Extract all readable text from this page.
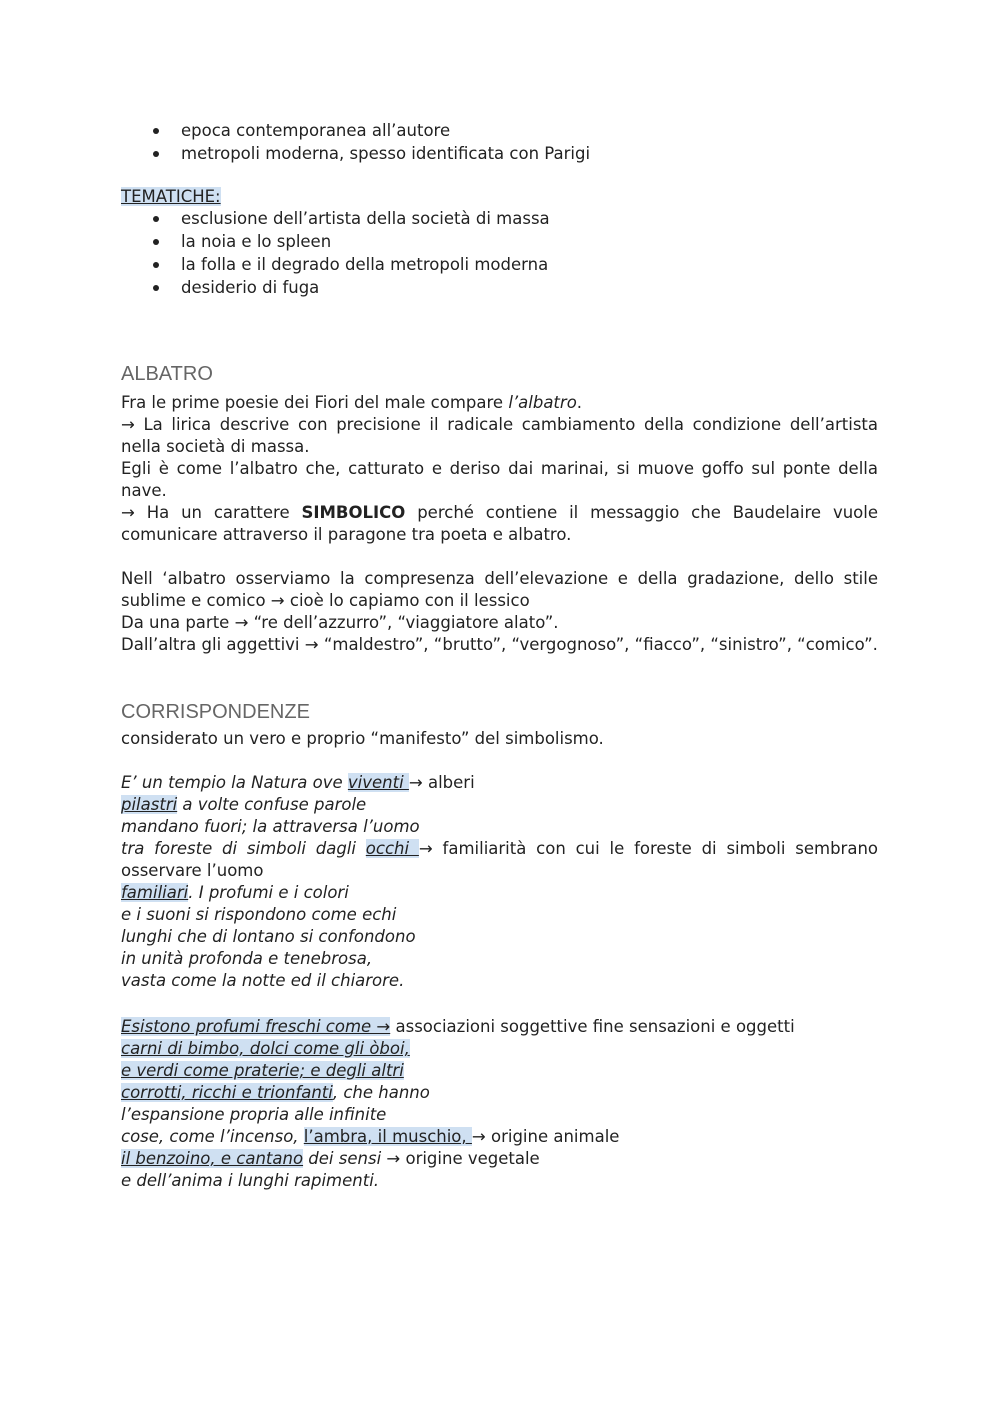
epoca contemporanea all’autore
metropoli moderna, spesso identificata con Parigi
TEMATICHE:
esclusione dell’artista della società di massa
la noia e lo spleen
la folla e il degrado della metropoli moderna
desiderio di fuga
ALBATRO
Fra le prime poesie dei Fiori del male compare l’albatro.
→ La lirica descrive con precisione il radicale cambiamento della condizione dell’artista nella società di massa.
Egli è come l’albatro che, catturato e deriso dai marinai, si muove goffo sul ponte della nave.
→ Ha un carattere SIMBOLICO perché contiene il messaggio che Baudelaire vuole comunicare attraverso il paragone tra poeta e albatro.
Nell ‘albatro osserviamo la compresenza dell’elevazione e della gradazione, dello stile sublime e comico → cioè lo capiamo con il lessico
Da una parte → “re dell’azzurro”, “viaggiatore alato”.
Dall’altra gli aggettivi → “maldestro”, “brutto”, “vergognoso”, “fiacco”, “sinistro”, “comico”.
CORRISPONDENZE
considerato un vero e proprio “manifesto” del simbolismo.
E’ un tempio la Natura ove viventi → alberi
pilastri a volte confuse parole
mandano fuori; la attraversa l’uomo
tra foreste di simboli dagli occhi → familiarità con cui le foreste di simboli sembrano osservare l’uomo
familiari. I profumi e i colori
e i suoni si rispondono come echi
lunghi che di lontano si confondono
in unità profonda e tenebrosa,
vasta come la notte ed il chiarore.
Esistono profumi freschi come → associazioni soggettive fine sensazioni e oggetti
carni di bimbo, dolci come gli òboi,
e verdi come praterie; e degli altri
corrotti, ricchi e trionfanti, che hanno
l’espansione propria alle infinite
cose, come l’incenso, l’ambra, il muschio, → origine animale
il benzoino, e cantano dei sensi → origine vegetale
e dell’anima i lunghi rapimenti.
